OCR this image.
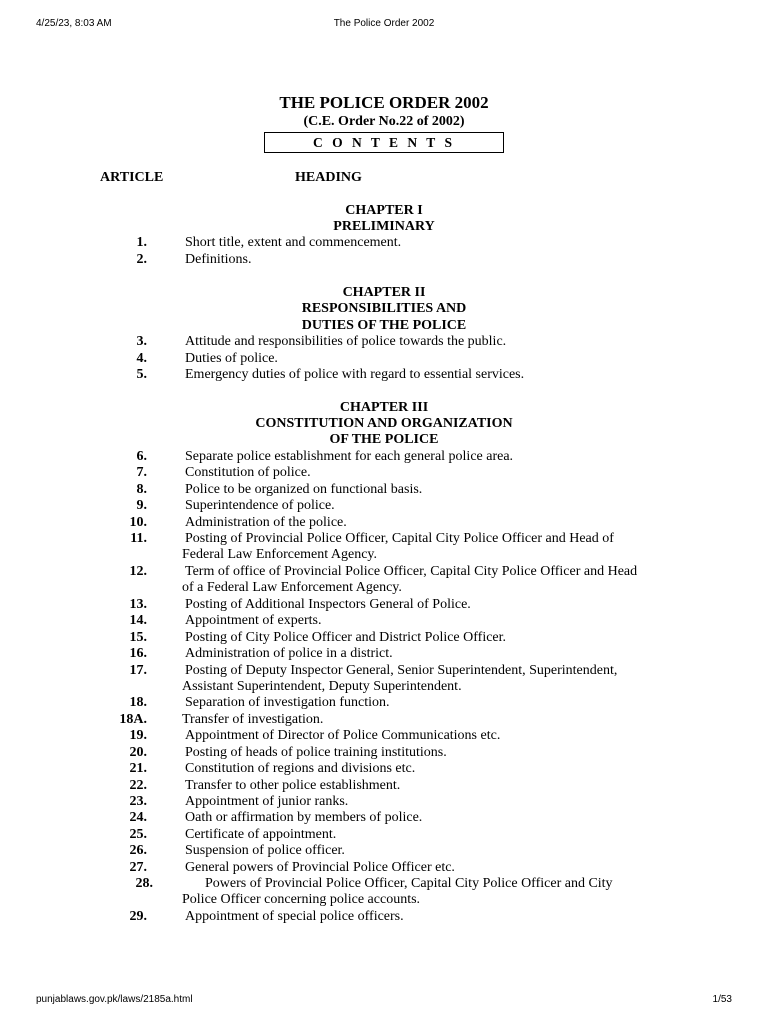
4/25/23, 8:03 AM	The Police Order 2002
punjablaws.gov.pk/laws/2185a.html	1/53
THE POLICE ORDER 2002
(C.E. Order No.22 of 2002)
C O N T E N T S
ARTICLE	HEADING
CHAPTER I
PRELIMINARY
1.	Short title, extent and commencement.
2.	Definitions.
CHAPTER II
RESPONSIBILITIES AND
DUTIES OF THE POLICE
3.	Attitude and responsibilities of police towards the public.
4.	Duties of police.
5.	Emergency duties of police with regard to essential services.
CHAPTER III
CONSTITUTION AND ORGANIZATION
OF THE POLICE
6.	Separate police establishment for each general police area.
7.	Constitution of police.
8.	Police to be organized on functional basis.
9.	Superintendence of police.
10.	Administration of the police.
11.	Posting of Provincial Police Officer, Capital City Police Officer and Head of
Federal Law Enforcement Agency.
12.	Term of office of Provincial Police Officer, Capital City Police Officer and Head
of a Federal Law Enforcement Agency.
13.	Posting of Additional Inspectors General of Police.
14.	Appointment of experts.
15.	Posting of City Police Officer and District Police Officer.
16.	Administration of police in a district.
17.	Posting of Deputy Inspector General, Senior Superintendent, Superintendent,
Assistant Superintendent, Deputy Superintendent.
18.	Separation of investigation function.
18A.	Transfer of investigation.
19.	Appointment of Director of Police Communications etc.
20.	Posting of heads of police training institutions.
21.	Constitution of regions and divisions etc.
22.	Transfer to other police establishment.
23.	Appointment of junior ranks.
24.	Oath or affirmation by members of police.
25.	Certificate of appointment.
26.	Suspension of police officer.
27.	General powers of Provincial Police Officer etc.
28.	Powers of Provincial Police Officer, Capital City Police Officer and City
Police Officer concerning police accounts.
29.	Appointment of special police officers.
